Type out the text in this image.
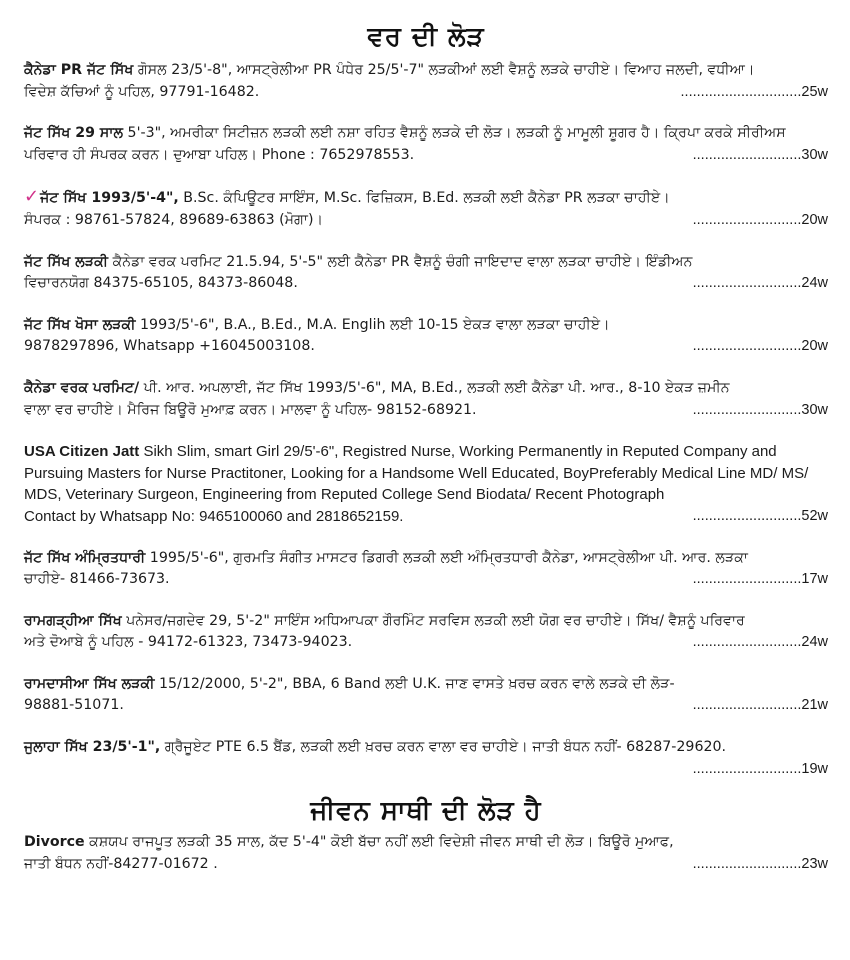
ਵਰ ਦੀ ਲੋੜ
ਕੈਨੇਡਾ PR ਜੱਟ ਸਿੱਖ ਗੋਸਲ 23/5'-8", ਆਸਟ੍ਰੇਲੀਆ PR ਪੰਧੇਰ 25/5'-7" ਲੜਕੀਆਂ ਲਈ ਵੈਸ਼ਨੂੰ ਲੜਕੇ ਚਾਹੀਏ। ਵਿਆਹ ਜਲਦੀ, ਵਧੀਆ।
ਵਿਦੇਸ਼ ਕੱਚਿਆਂ ਨੂੰ ਪਹਿਲ, 97791-16482.	..............................25w
ਜੱਟ ਸਿੱਖ 29 ਸਾਲ 5'-3", ਅਮਰੀਕਾ ਸਿਟੀਜ਼ਨ ਲੜਕੀ ਲਈ ਨਸ਼ਾ ਰਹਿਤ ਵੈਸ਼ਨੂੰ ਲੜਕੇ ਦੀ ਲੋੜ। ਲੜਕੀ ਨੂੰ ਮਾਮੂਲੀ ਸ਼ੂਗਰ ਹੈ। ਕ੍ਰਿਪਾ ਕਰਕੇ ਸੀਰੀਅਸ
ਪਰਿਵਾਰ ਹੀ ਸੰਪਰਕ ਕਰਨ। ਦੁਆਬਾ ਪਹਿਲ। Phone : 7652978553.	...........................30w
✓ਜੱਟ ਸਿੱਖ 1993/5'-4", B.Sc. ਕੰਪਿਊਟਰ ਸਾਇੰਸ, M.Sc. ਫਿਜ਼ਿਕਸ, B.Ed. ਲੜਕੀ ਲਈ ਕੈਨੇਡਾ PR ਲੜਕਾ ਚਾਹੀਏ।
ਸੰਪਰਕ : 98761-57824, 89689-63863 (ਮੋਗਾ)।	...........................20w
ਜੱਟ ਸਿੱਖ ਲੜਕੀ ਕੈਨੇਡਾ ਵਰਕ ਪਰਮਿਟ 21.5.94, 5'-5" ਲਈ ਕੈਨੇਡਾ PR ਵੈਸ਼ਨੂੰ ਚੰਗੀ ਜਾਇਦਾਦ ਵਾਲਾ ਲੜਕਾ ਚਾਹੀਏ। ਇੰਡੀਅਨ
ਵਿਚਾਰਨਯੋਗ 84375-65105, 84373-86048.	...........................24w
ਜੱਟ ਸਿੱਖ ਖੋਸਾ ਲੜਕੀ 1993/5'-6", B.A., B.Ed., M.A. Englih ਲਈ 10-15 ਏਕੜ ਵਾਲਾ ਲੜਕਾ ਚਾਹੀਏ।
9878297896, Whatsapp +16045003108.	...........................20w
ਕੈਨੇਡਾ ਵਰਕ ਪਰਮਿਟ/ ਪੀ. ਆਰ. ਅਪਲਾਈ, ਜੱਟ ਸਿੱਖ 1993/5'-6", MA, B.Ed., ਲੜਕੀ ਲਈ ਕੈਨੇਡਾ ਪੀ. ਆਰ., 8-10 ਏਕੜ ਜ਼ਮੀਨ
ਵਾਲਾ ਵਰ ਚਾਹੀਏ। ਮੈਰਿਜ ਬਿਊਰੋ ਮੁਆਫ਼ ਕਰਨ। ਮਾਲਵਾ ਨੂੰ ਪਹਿਲ- 98152-68921.	...........................30w
USA Citizen Jatt Sikh Slim, smart Girl 29/5'-6", Registred Nurse, Working Permanently in Reputed Company and Pursuing Masters for Nurse Practitoner, Looking for a Handsome Well Educated, BoyPreferably Medical Line MD/ MS/ MDS, Veterinary Surgeon, Engineering from Reputed College Send Biodata/ Recent Photograph
Contact by Whatsapp No: 9465100060 and 2818652159.	...........................52w
ਜੱਟ ਸਿੱਖ ਅੰਮ੍ਰਿਤਧਾਰੀ 1995/5'-6", ਗੁਰਮਤਿ ਸੰਗੀਤ ਮਾਸਟਰ ਡਿਗਰੀ ਲੜਕੀ ਲਈ ਅੰਮ੍ਰਿਤਧਾਰੀ ਕੈਨੇਡਾ, ਆਸਟ੍ਰੇਲੀਆ ਪੀ. ਆਰ. ਲੜਕਾ
ਚਾਹੀਏ- 81466-73673.	...........................17w
ਰਾਮਗੜ੍ਹੀਆ ਸਿੱਖ ਪਨੇਸਰ/ਜਗਦੇਵ 29, 5'-2" ਸਾਇੰਸ ਅਧਿਆਪਕਾ ਗੌਰਮਿੰਟ ਸਰਵਿਸ ਲੜਕੀ ਲਈ ਯੋਗ ਵਰ ਚਾਹੀਏ। ਸਿੱਖ/ ਵੈਸ਼ਨੂੰ ਪਰਿਵਾਰ
ਅਤੇ ਦੋਆਬੇ ਨੂੰ ਪਹਿਲ - 94172-61323, 73473-94023.	...........................24w
ਰਾਮਦਾਸੀਆ ਸਿੱਖ ਲੜਕੀ 15/12/2000, 5'-2", BBA, 6 Band ਲਈ U.K. ਜਾਣ ਵਾਸਤੇ ਖ਼ਰਚ ਕਰਨ ਵਾਲੇ ਲੜਕੇ ਦੀ ਲੋੜ-
98881-51071.	...........................21w
ਜੁਲਾਹਾ ਸਿੱਖ 23/5'-1", ਗ੍ਰੈਜੂਏਟ PTE 6.5 ਬੈਂਡ, ਲੜਕੀ ਲਈ ਖ਼ਰਚ ਕਰਨ ਵਾਲਾ ਵਰ ਚਾਹੀਏ। ਜਾਤੀ ਬੰਧਨ ਨਹੀਂ- 68287-29620.
...........................19w
ਜੀਵਨ ਸਾਥੀ ਦੀ ਲੋੜ ਹੈ
Divorce ਕਸ਼ਯਪ ਰਾਜਪੂਤ ਲੜਕੀ 35 ਸਾਲ, ਕੱਦ 5'-4" ਕੋਈ ਬੱਚਾ ਨਹੀਂ ਲਈ ਵਿਦੇਸ਼ੀ ਜੀਵਨ ਸਾਥੀ ਦੀ ਲੋੜ। ਬਿਊਰੋ ਮੁਆਫ,
ਜਾਤੀ ਬੰਧਨ ਨਹੀਂ-84277-01672 .	...........................23w
